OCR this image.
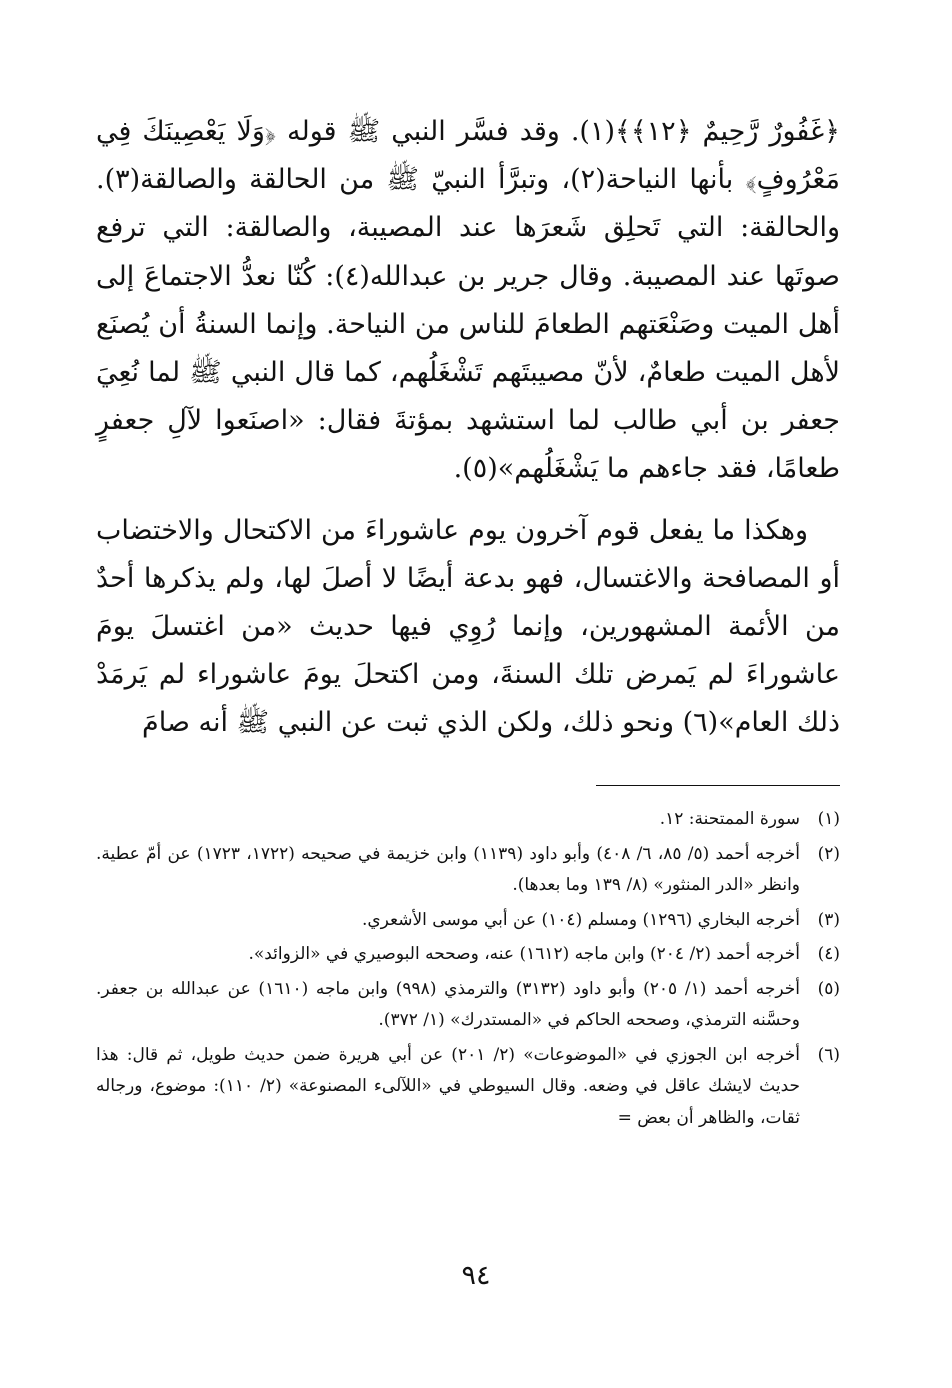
﴿غَفُورٌ رَّحِيمٌ ﴿١٢﴾﴾(١). وقد فسَّر النبي ﷺ قوله ﴿وَلَا يَعْصِينَكَ فِي مَعْرُوفٍ﴾ بأنها النياحة(٢)، وتبرَّأ النبيّ ﷺ من الحالقة والصالقة(٣). والحالقة: التي تَحلِق شَعرَها عند المصيبة، والصالقة: التي ترفع صوتَها عند المصيبة. وقال جرير بن عبدالله(٤): كُنّا نعدُّ الاجتماعَ إلى أهل الميت وصَنْعَتهم الطعامَ للناس من النياحة. وإنما السنةُ أن يُصنَع لأهل الميت طعامٌ، لأنّ مصيبتَهم تَشْغَلُهم، كما قال النبي ﷺ لما نُعِيَ جعفر بن أبي طالب لما استشهد بمؤتةَ فقال: «اصنَعوا لآلِ جعفرٍ طعامًا، فقد جاءهم ما يَشْغَلُهم»(٥).

وهكذا ما يفعل قوم آخرون يوم عاشوراءَ من الاكتحال والاختضاب أو المصافحة والاغتسال، فهو بدعة أيضًا لا أصلَ لها، ولم يذكرها أحدٌ من الأئمة المشهورين، وإنما رُوِي فيها حديث «من اغتسلَ يومَ عاشوراءَ لم يَمرض تلك السنةَ، ومن اكتحلَ يومَ عاشوراء لم يَرمَدْ ذلك العام»(٦) ونحو ذلك، ولكن الذي ثبت عن النبي ﷺ أنه صامَ

(١)
سورة الممتحنة: ١٢.
(٢)
أخرجه أحمد (٥/ ٨٥، ٦/ ٤٠٨) وأبو داود (١١٣٩) وابن خزيمة في صحيحه (١٧٢٢، ١٧٢٣) عن أمّ عطية. وانظر «الدر المنثور» (٨/ ١٣٩ وما بعدها).
(٣)
أخرجه البخاري (١٢٩٦) ومسلم (١٠٤) عن أبي موسى الأشعري.
(٤)
أخرجه أحمد (٢/ ٢٠٤) وابن ماجه (١٦١٢) عنه، وصححه البوصيري في «الزوائد».
(٥)
أخرجه أحمد (١/ ٢٠٥) وأبو داود (٣١٣٢) والترمذي (٩٩٨) وابن ماجه (١٦١٠) عن عبدالله بن جعفر. وحسَّنه الترمذي، وصححه الحاكم في «المستدرك» (١/ ٣٧٢).
(٦)
أخرجه ابن الجوزي في «الموضوعات» (٢/ ٢٠١) عن أبي هريرة ضمن حديث طويل، ثم قال: هذا حديث لايشك عاقل في وضعه. وقال السيوطي في «اللآلىء المصنوعة» (٢/ ١١٠): موضوع، ورجاله ثقات، والظاهر أن بعض =
٩٤
